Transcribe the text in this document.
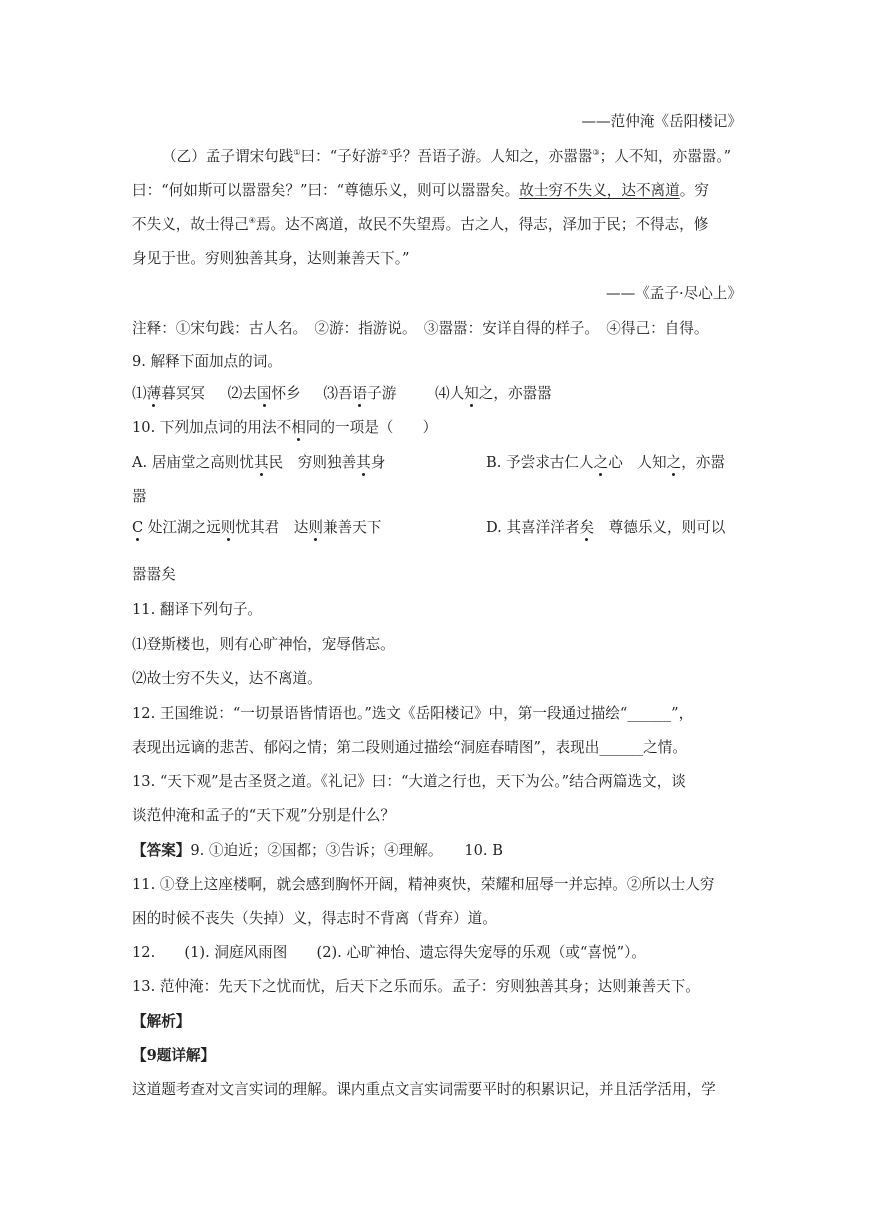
——范仲淹《岳阳楼记》
（乙）孟子谓宋句践①曰：“子好游②乎？吾语子游。人知之，亦嚣嚣③；人不知，亦嚣嚣。”
曰：“何如斯可以嚣嚣矣？”曰：“尊德乐义，则可以嚣嚣矣。故士穷不失义，达不离道。穷
不失义，故士得己④焉。达不离道，故民不失望焉。古之人，得志，泽加于民；不得志，修
身见于世。穷则独善其身，达则兼善天下。”
——《孟子·尽心上》
注释：①宋句践：古人名。　②游：指游说。　③嚣嚣：安详自得的样子。　④得己：自得。
9. 解释下面加点的词。
⑴薄暮冥冥 ⑵去国怀乡 ⑶吾语子游	⑷人知之，亦嚣嚣
10. 下列加点词的用法不相同的一项是（　　）
A. 居庙堂之高则忧其民　穷则独善其身	B. 予尝求古仁人之心　人知之，亦嚣
嚣
C 处江湖之远则忧其君　达则兼善天下	D. 其喜洋洋者矣　尊德乐义，则可以
嚣嚣矣
11. 翻译下列句子。
⑴登斯楼也，则有心旷神怡，宠辱偕忘。
⑵故士穷不失义，达不离道。
12. 王国维说：“一切景语皆情语也。”选文《岳阳楼记》中，第一段通过描绘“______”，
表现出远谪的悲苦、郁闷之情；第二段则通过描绘“洞庭春晴图”，表现出______之情。
13. “天下观”是古圣贤之道。《礼记》曰：“大道之行也，天下为公。”结合两篇选文，谈
谈范仲淹和孟子的“天下观”分别是什么？
【答案】9. ①迫近；②国都；③告诉；④理解。　　10. B
11. ①登上这座楼啊，就会感到胸怀开阔，精神爽快，荣耀和屈辱一并忘掉。②所以士人穷
困的时候不丧失（失掉）义，得志时不背离（背弃）道。
12.　　(1). 洞庭风雨图　　(2). 心旷神怡、遗忘得失宠辱的乐观（或“喜悦”）。
13. 范仲淹：先天下之忧而忧，后天下之乐而乐。孟子：穷则独善其身；达则兼善天下。
【解析】
【9题详解】
这道题考查对文言实词的理解。课内重点文言实词需要平时的积累识记，并且活学活用，学
